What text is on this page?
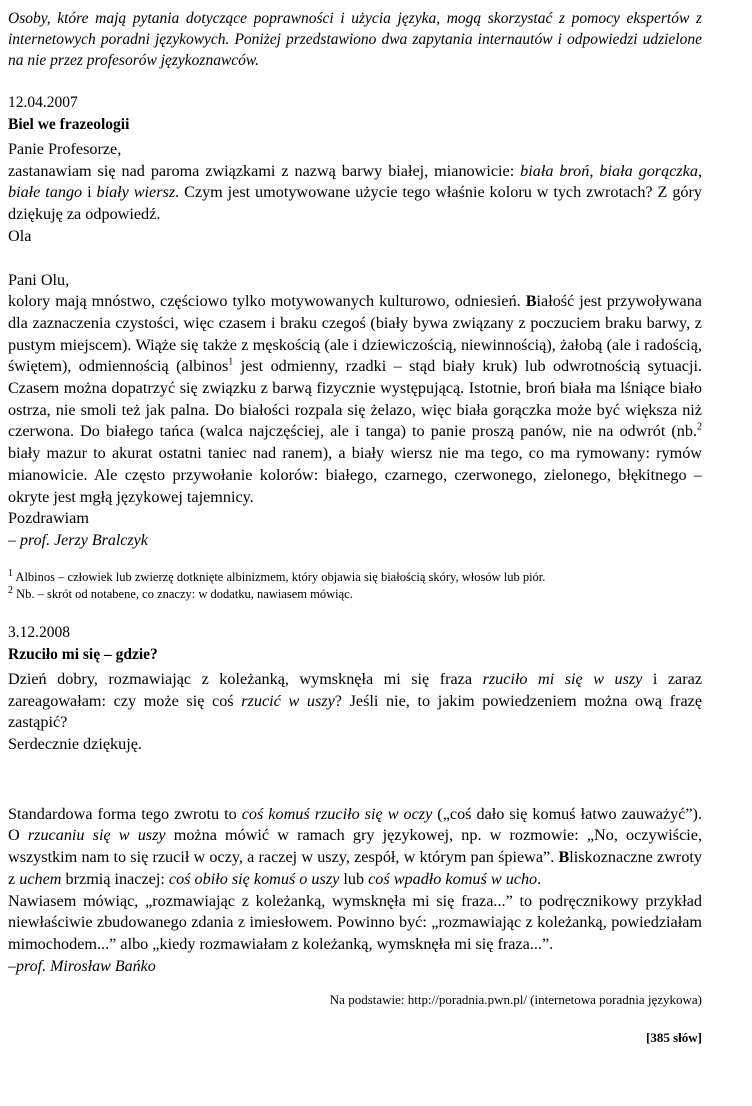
Osoby, które mają pytania dotyczące poprawności i użycia języka, mogą skorzystać z pomocy ekspertów z internetowych poradni językowych. Poniżej przedstawiono dwa zapytania internautów i odpowiedzi udzielone na nie przez profesorów językoznawców.

12.04.2007

Biel we frazeologii

Panie Profesorze,

zastanawiam się nad paroma związkami z nazwą barwy białej, mianowicie: biała broń, biała gorączka, białe tango i biały wiersz. Czym jest umotywowane użycie tego właśnie koloru w tych zwrotach? Z góry dziękuję za odpowiedź.

Ola

Pani Olu,

kolory mają mnóstwo, częściowo tylko motywowanych kulturowo, odniesień. Białość jest przywoływana dla zaznaczenia czystości, więc czasem i braku czegoś (biały bywa związany z poczuciem braku barwy, z pustym miejscem). Wiąże się także z męskością (ale i dziewiczością, niewinnością), żałobą (ale i radością, świętem), odmiennością (albinos$^1$ jest odmienny, rzadki – stąd biały kruk) lub odwrotnością sytuacji. Czasem można dopatrzyć się związku z barwą fizycznie występującą. Istotnie, broń biała ma lśniące biało ostrza, nie smoli też jak palna. Do białości rozpala się żelazo, więc biała gorączka może być większa niż czerwona. Do białego tańca (walca najczęściej, ale i tanga) to panie proszą panów, nie na odwrót (nb.$^2$ biały mazur to akurat ostatni taniec nad ranem), a biały wiersz nie ma tego, co ma rymowany: rymów mianowicie. Ale często przywołanie kolorów: białego, czarnego, czerwonego, zielonego, błękitnego – okryte jest mgłą językowej tajemnicy.

Pozdrawiam

– prof. Jerzy Bralczyk

$^1$ Albinos – człowiek lub zwierzę dotknięte albinizmem, który objawia się białością skóry, włosów lub piór.

$^2$ Nb. – skrót od notabene, co znaczy: w dodatku, nawiasem mówiąc.

3.12.2008

Rzuciło mi się – gdzie?

Dzień dobry, rozmawiając z koleżanką, wymsknęła mi się fraza rzuciło mi się w uszy i zaraz zareagowałam: czy może się coś rzucić w uszy? Jeśli nie, to jakim powiedzeniem można ową frazę zastąpić?

Serdecznie dziękuję.

Standardowa forma tego zwrotu to coś komuś rzuciło się w oczy („coś dało się komuś łatwo zauważyć”). O rzucaniu się w uszy można mówić w ramach gry językowej, np. w rozmowie: „No, oczywiście, wszystkim nam to się rzucił w oczy, a raczej w uszy, zespół, w którym pan śpiewa”. Bliskoznaczne zwroty z uchem brzmią inaczej: coś obiło się komuś o uszy lub coś wpadło komuś w ucho.

Nawiasem mówiąc, „rozmawiając z koleżanką, wymsknęła mi się fraza...” to podręcznikowy przykład niewłaściwie zbudowanego zdania z imiesłowem. Powinno być: „rozmawiając z koleżanką, powiedziałam mimochodem...” albo „kiedy rozmawiałam z koleżanką, wymsknęła mi się fraza...”.

–prof. Mirosław Bańko

Na podstawie: http://poradnia.pwn.pl/ (internetowa poradnia językowa)

[385 słów]
